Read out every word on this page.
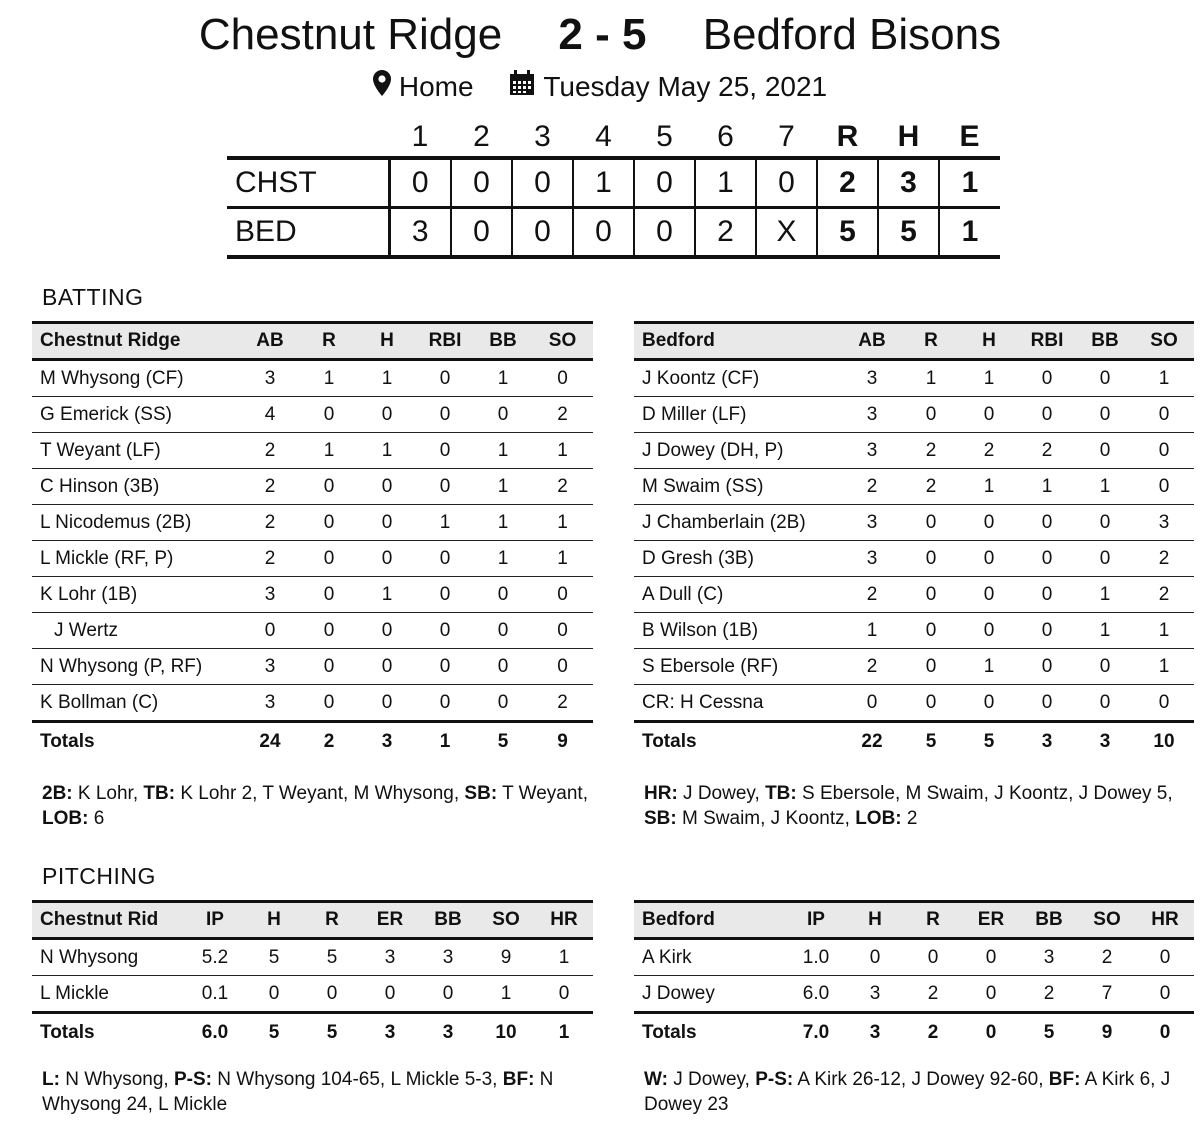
Chestnut Ridge 2 - 5 Bedford Bisons
Home
Tuesday May 25, 2021
	1	2	3	4	5	6	7	R	H	E
CHST	0	0	0	1	0	1	0	2	3	1
BED	3	0	0	0	0	2	X	5	5	1
BATTING
Chestnut Ridge	AB	R	H	RBI	BB	SO
M Whysong (CF)	3	1	1	0	1	0
G Emerick (SS)	4	0	0	0	0	2
T Weyant (LF)	2	1	1	0	1	1
C Hinson (3B)	2	0	0	0	1	2
L Nicodemus (2B)	2	0	0	1	1	1
L Mickle (RF, P)	2	0	0	0	1	1
K Lohr (1B)	3	0	1	0	0	0
J Wertz	0	0	0	0	0	0
N Whysong (P, RF)	3	0	0	0	0	0
K Bollman (C)	3	0	0	0	0	2
Totals	24	2	3	1	5	9
Bedford	AB	R	H	RBI	BB	SO
J Koontz (CF)	3	1	1	0	0	1
D Miller (LF)	3	0	0	0	0	0
J Dowey (DH, P)	3	2	2	2	0	0
M Swaim (SS)	2	2	1	1	1	0
J Chamberlain (2B)	3	0	0	0	0	3
D Gresh (3B)	3	0	0	0	0	2
A Dull (C)	2	0	0	0	1	2
B Wilson (1B)	1	0	0	0	1	1
S Ebersole (RF)	2	0	1	0	0	1
CR: H Cessna	0	0	0	0	0	0
Totals	22	5	5	3	3	10
2B: K Lohr, TB: K Lohr 2, T Weyant, M Whysong, SB: T Weyant, LOB: 6
HR: J Dowey, TB: S Ebersole, M Swaim, J Koontz, J Dowey 5, SB: M Swaim, J Koontz, LOB: 2
PITCHING
Chestnut Rid	IP	H	R	ER	BB	SO	HR
N Whysong	5.2	5	5	3	3	9	1
L Mickle	0.1	0	0	0	0	1	0
Totals	6.0	5	5	3	3	10	1
Bedford	IP	H	R	ER	BB	SO	HR
A Kirk	1.0	0	0	0	3	2	0
J Dowey	6.0	3	2	0	2	7	0
Totals	7.0	3	2	0	5	9	0
L: N Whysong, P-S: N Whysong 104-65, L Mickle 5-3, BF: N Whysong 24, L Mickle
W: J Dowey, P-S: A Kirk 26-12, J Dowey 92-60, BF: A Kirk 6, J Dowey 23
